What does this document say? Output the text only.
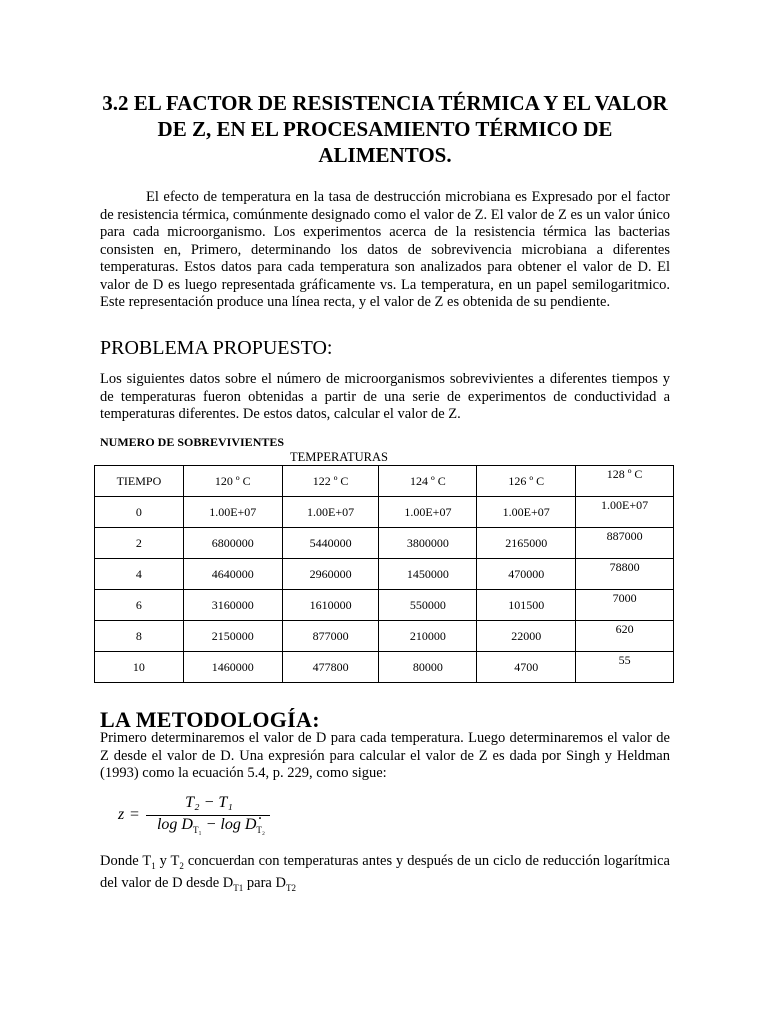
3.2 EL FACTOR DE RESISTENCIA TÉRMICA Y EL VALOR DE Z, EN EL PROCESAMIENTO TÉRMICO DE ALIMENTOS.
El efecto de temperatura en la tasa de destrucción microbiana es Expresado por el factor de resistencia térmica, comúnmente designado como el valor de Z. El valor de Z es un valor único para cada microorganismo. Los experimentos acerca de la resistencia térmica las bacterias consisten en, Primero, determinando los datos de sobrevivencia microbiana a diferentes temperaturas. Estos datos para cada temperatura son analizados para obtener el valor de D. El valor de D es luego representada gráficamente vs. La temperatura, en un papel semilogaritmico. Este representación produce una línea recta, y el valor de Z es obtenida de su pendiente.
PROBLEMA PROPUESTO:
Los siguientes datos sobre el número de microorganismos sobrevivientes a diferentes tiempos y de temperaturas fueron obtenidas a partir de una serie de experimentos de conductividad a temperaturas diferentes. De estos datos, calcular el valor de Z.
NUMERO DE SOBREVIVIENTES
TEMPERATURAS
TIEMPO	120 º C	122 º C	124 º C	126 º C	128 º C
0	1.00E+07	1.00E+07	1.00E+07	1.00E+07	1.00E+07
2	6800000	5440000	3800000	2165000	887000
4	4640000	2960000	1450000	470000	78800
6	3160000	1610000	550000	101500	7000
8	2150000	877000	210000	22000	620
10	1460000	477800	80000	4700	55
LA METODOLOGÍA:
Primero determinaremos el valor de D para cada temperatura. Luego determinaremos el valor de Z desde el valor de D. Una expresión para calcular el valor de Z es dada por Singh y Heldman (1993) como la ecuación 5.4, p. 229, como sigue:
z =
T₂ − T₁
$\log D_{T_1} - \log D_{T_2}$
.
Donde $T_1$ y $T_2$ concuerdan con temperaturas antes y después de un ciclo de reducción logarítmica del valor de D desde $D_{T1}$ para $D_{T2}$
